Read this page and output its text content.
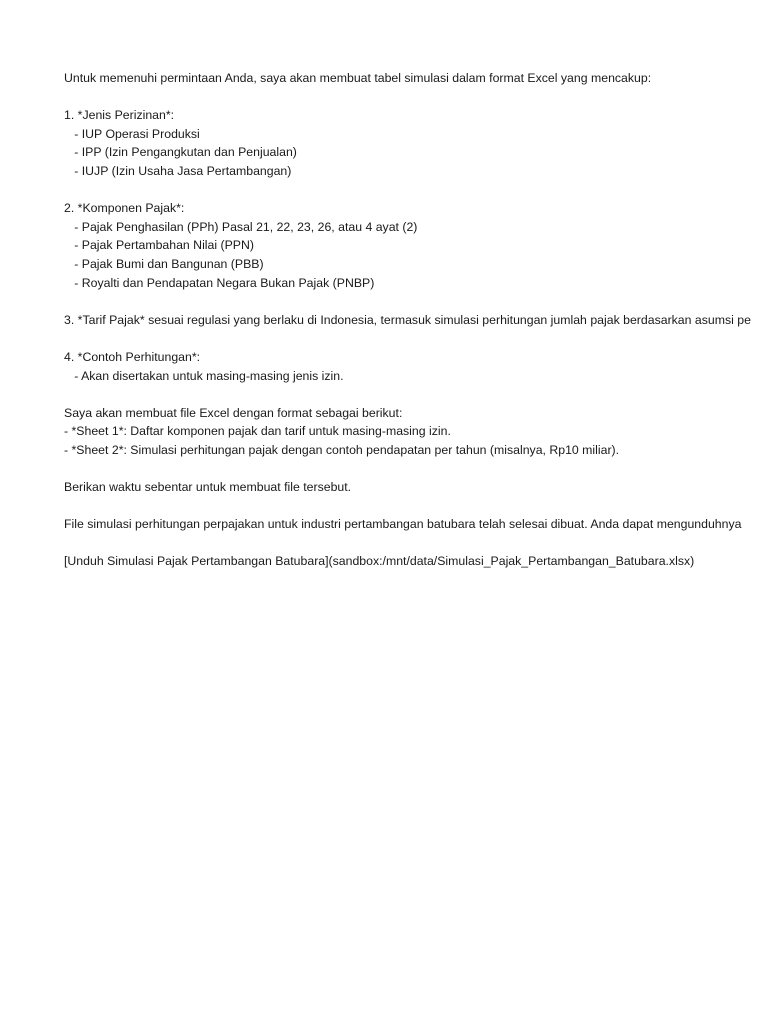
Untuk memenuhi permintaan Anda, saya akan membuat tabel simulasi dalam format Excel yang mencakup:
1. *Jenis Perizinan*:
- IUP Operasi Produksi
- IPP (Izin Pengangkutan dan Penjualan)
- IUJP (Izin Usaha Jasa Pertambangan)
2. *Komponen Pajak*:
- Pajak Penghasilan (PPh) Pasal 21, 22, 23, 26, atau 4 ayat (2)
- Pajak Pertambahan Nilai (PPN)
- Pajak Bumi dan Bangunan (PBB)
- Royalti dan Pendapatan Negara Bukan Pajak (PNBP)
3. *Tarif Pajak* sesuai regulasi yang berlaku di Indonesia, termasuk simulasi perhitungan jumlah pajak berdasarkan asumsi pe
4. *Contoh Perhitungan*:
- Akan disertakan untuk masing-masing jenis izin.
Saya akan membuat file Excel dengan format sebagai berikut:
- *Sheet 1*: Daftar komponen pajak dan tarif untuk masing-masing izin.
- *Sheet 2*: Simulasi perhitungan pajak dengan contoh pendapatan per tahun (misalnya, Rp10 miliar).
Berikan waktu sebentar untuk membuat file tersebut.
File simulasi perhitungan perpajakan untuk industri pertambangan batubara telah selesai dibuat. Anda dapat mengunduhnya
[Unduh Simulasi Pajak Pertambangan Batubara](sandbox:/mnt/data/Simulasi_Pajak_Pertambangan_Batubara.xlsx)
